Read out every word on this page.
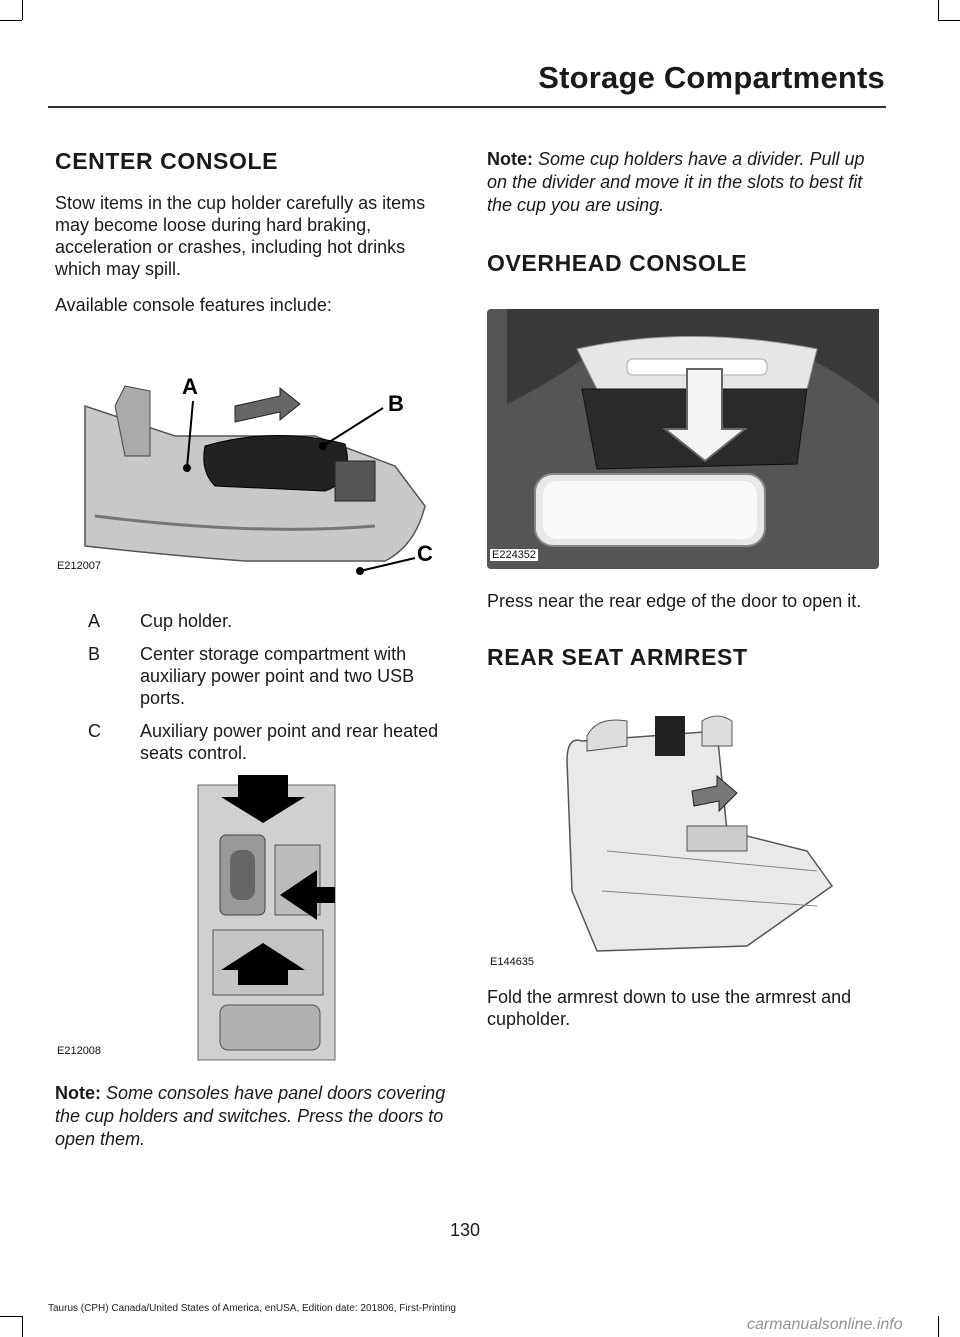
Storage Compartments
CENTER CONSOLE

Stow items in the cup holder carefully as items may become loose during hard braking, acceleration or crashes, including hot drinks which may spill.

Available console features include:

A
B
C
E212007
A	Cup holder.
B	Center storage compartment with auxiliary power point and two USB ports.
C	Auxiliary power point and rear heated seats control.
E212008

Note: Some consoles have panel doors covering the cup holders and switches. Press the doors to open them.

Note: Some cup holders have a divider. Pull up on the divider and move it in the slots to best fit the cup you are using.

OVERHEAD CONSOLE
E224352

Press near the rear edge of the door to open it.

REAR SEAT ARMREST
E144635

Fold the armrest down to use the armrest and cupholder.

130
Taurus (CPH) Canada/United States of America, enUSA, Edition date: 201806, First-Printing
carmanualsonline.info
